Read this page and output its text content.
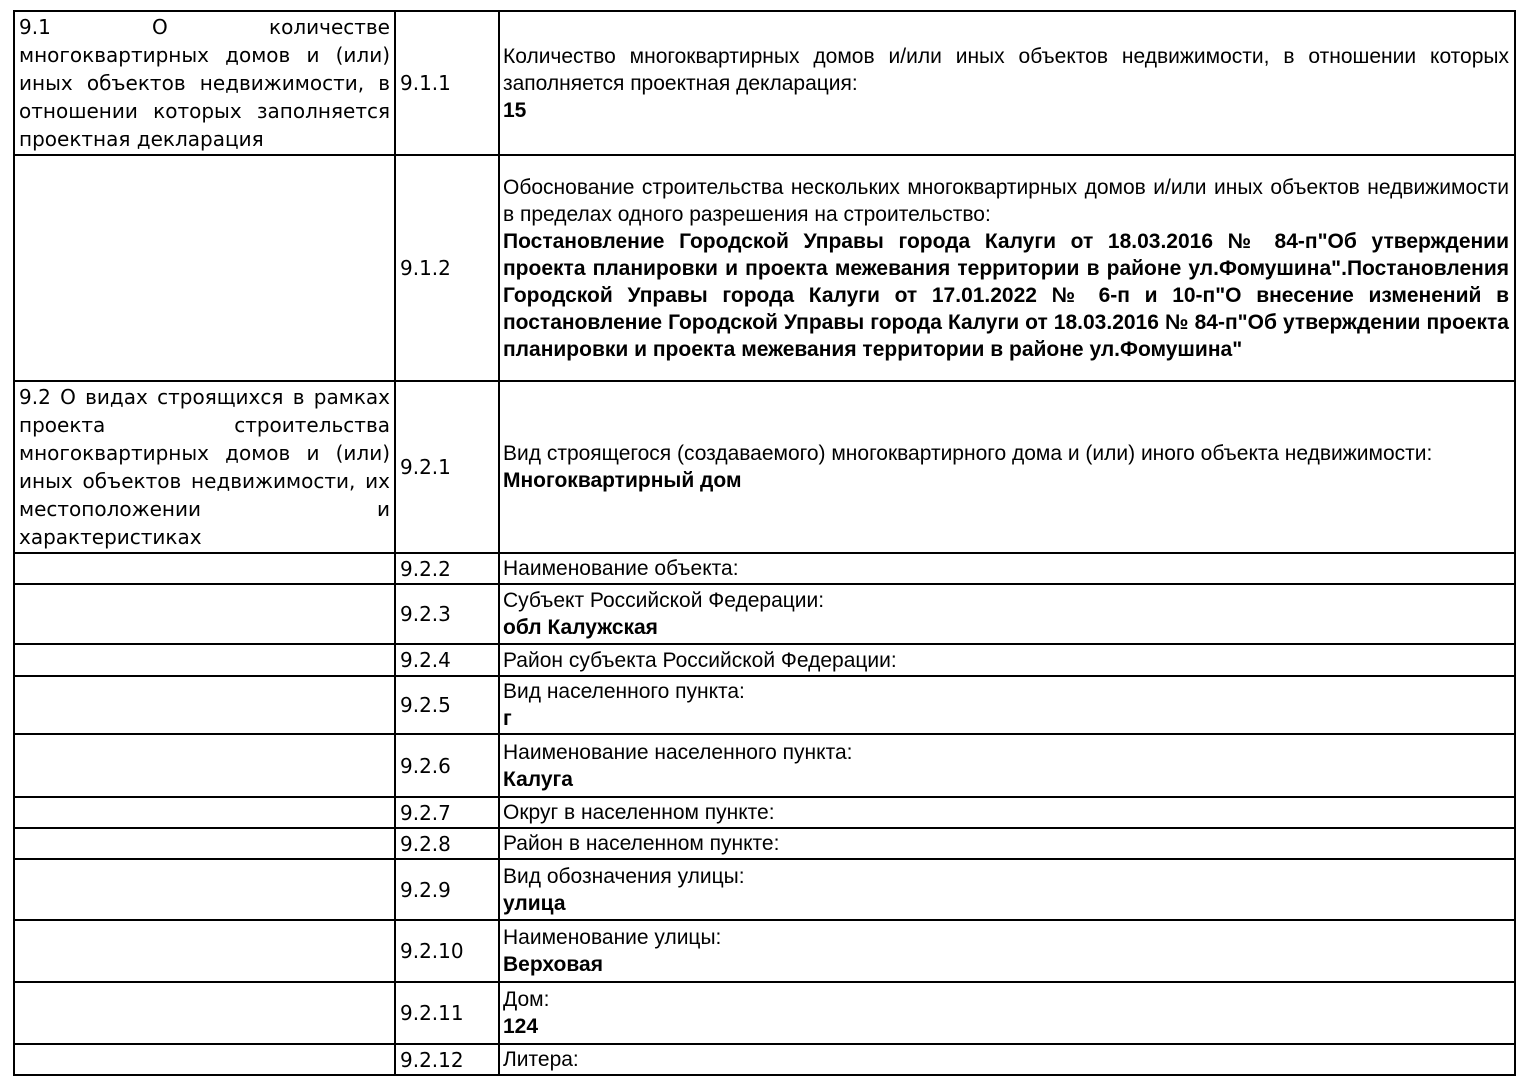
9.1 О количестве многоквартирных домов и (или) иных объектов недвижимости, в отношении которых заполняется проектная декларация	9.1.1	Количество многоквартирных домов и/или иных объектов недвижимости, в отношении которых заполняется проектная декларация:
15

	9.1.2	Обоснование строительства нескольких многоквартирных домов и/или иных объектов недвижимости в пределах одного разрешения на строительство:
Постановление Городской Управы города Калуги от 18.03.2016 № 84-п"Об утверждении проекта планировки и проекта межевания территории в районе ул.Фомушина".Постановления Городской Управы города Калуги от 17.01.2022 № 6-п и 10-п"О внесение изменений в постановление Городской Управы города Калуги от 18.03.2016 № 84-п"Об утверждении проекта планировки и проекта межевания территории в районе ул.Фомушина"

9.2 О видах строящихся в рамках проекта строительства многоквартирных домов и (или) иных объектов недвижимости, их местоположении и характеристиках	9.2.1	Вид строящегося (создаваемого) многоквартирного дома и (или) иного объекта недвижимости:
Многоквартирный дом

	9.2.2	Наименование объекта:

	9.2.3	Субъект Российской Федерации:
обл Калужская

	9.2.4	Район субъекта Российской Федерации:

	9.2.5	Вид населенного пункта:
г

	9.2.6	Наименование населенного пункта:
Калуга

	9.2.7	Округ в населенном пункте:

	9.2.8	Район в населенном пункте:

	9.2.9	Вид обозначения улицы:
улица

	9.2.10	Наименование улицы:
Верховая

	9.2.11	Дом:
124

	9.2.12	Литера:
